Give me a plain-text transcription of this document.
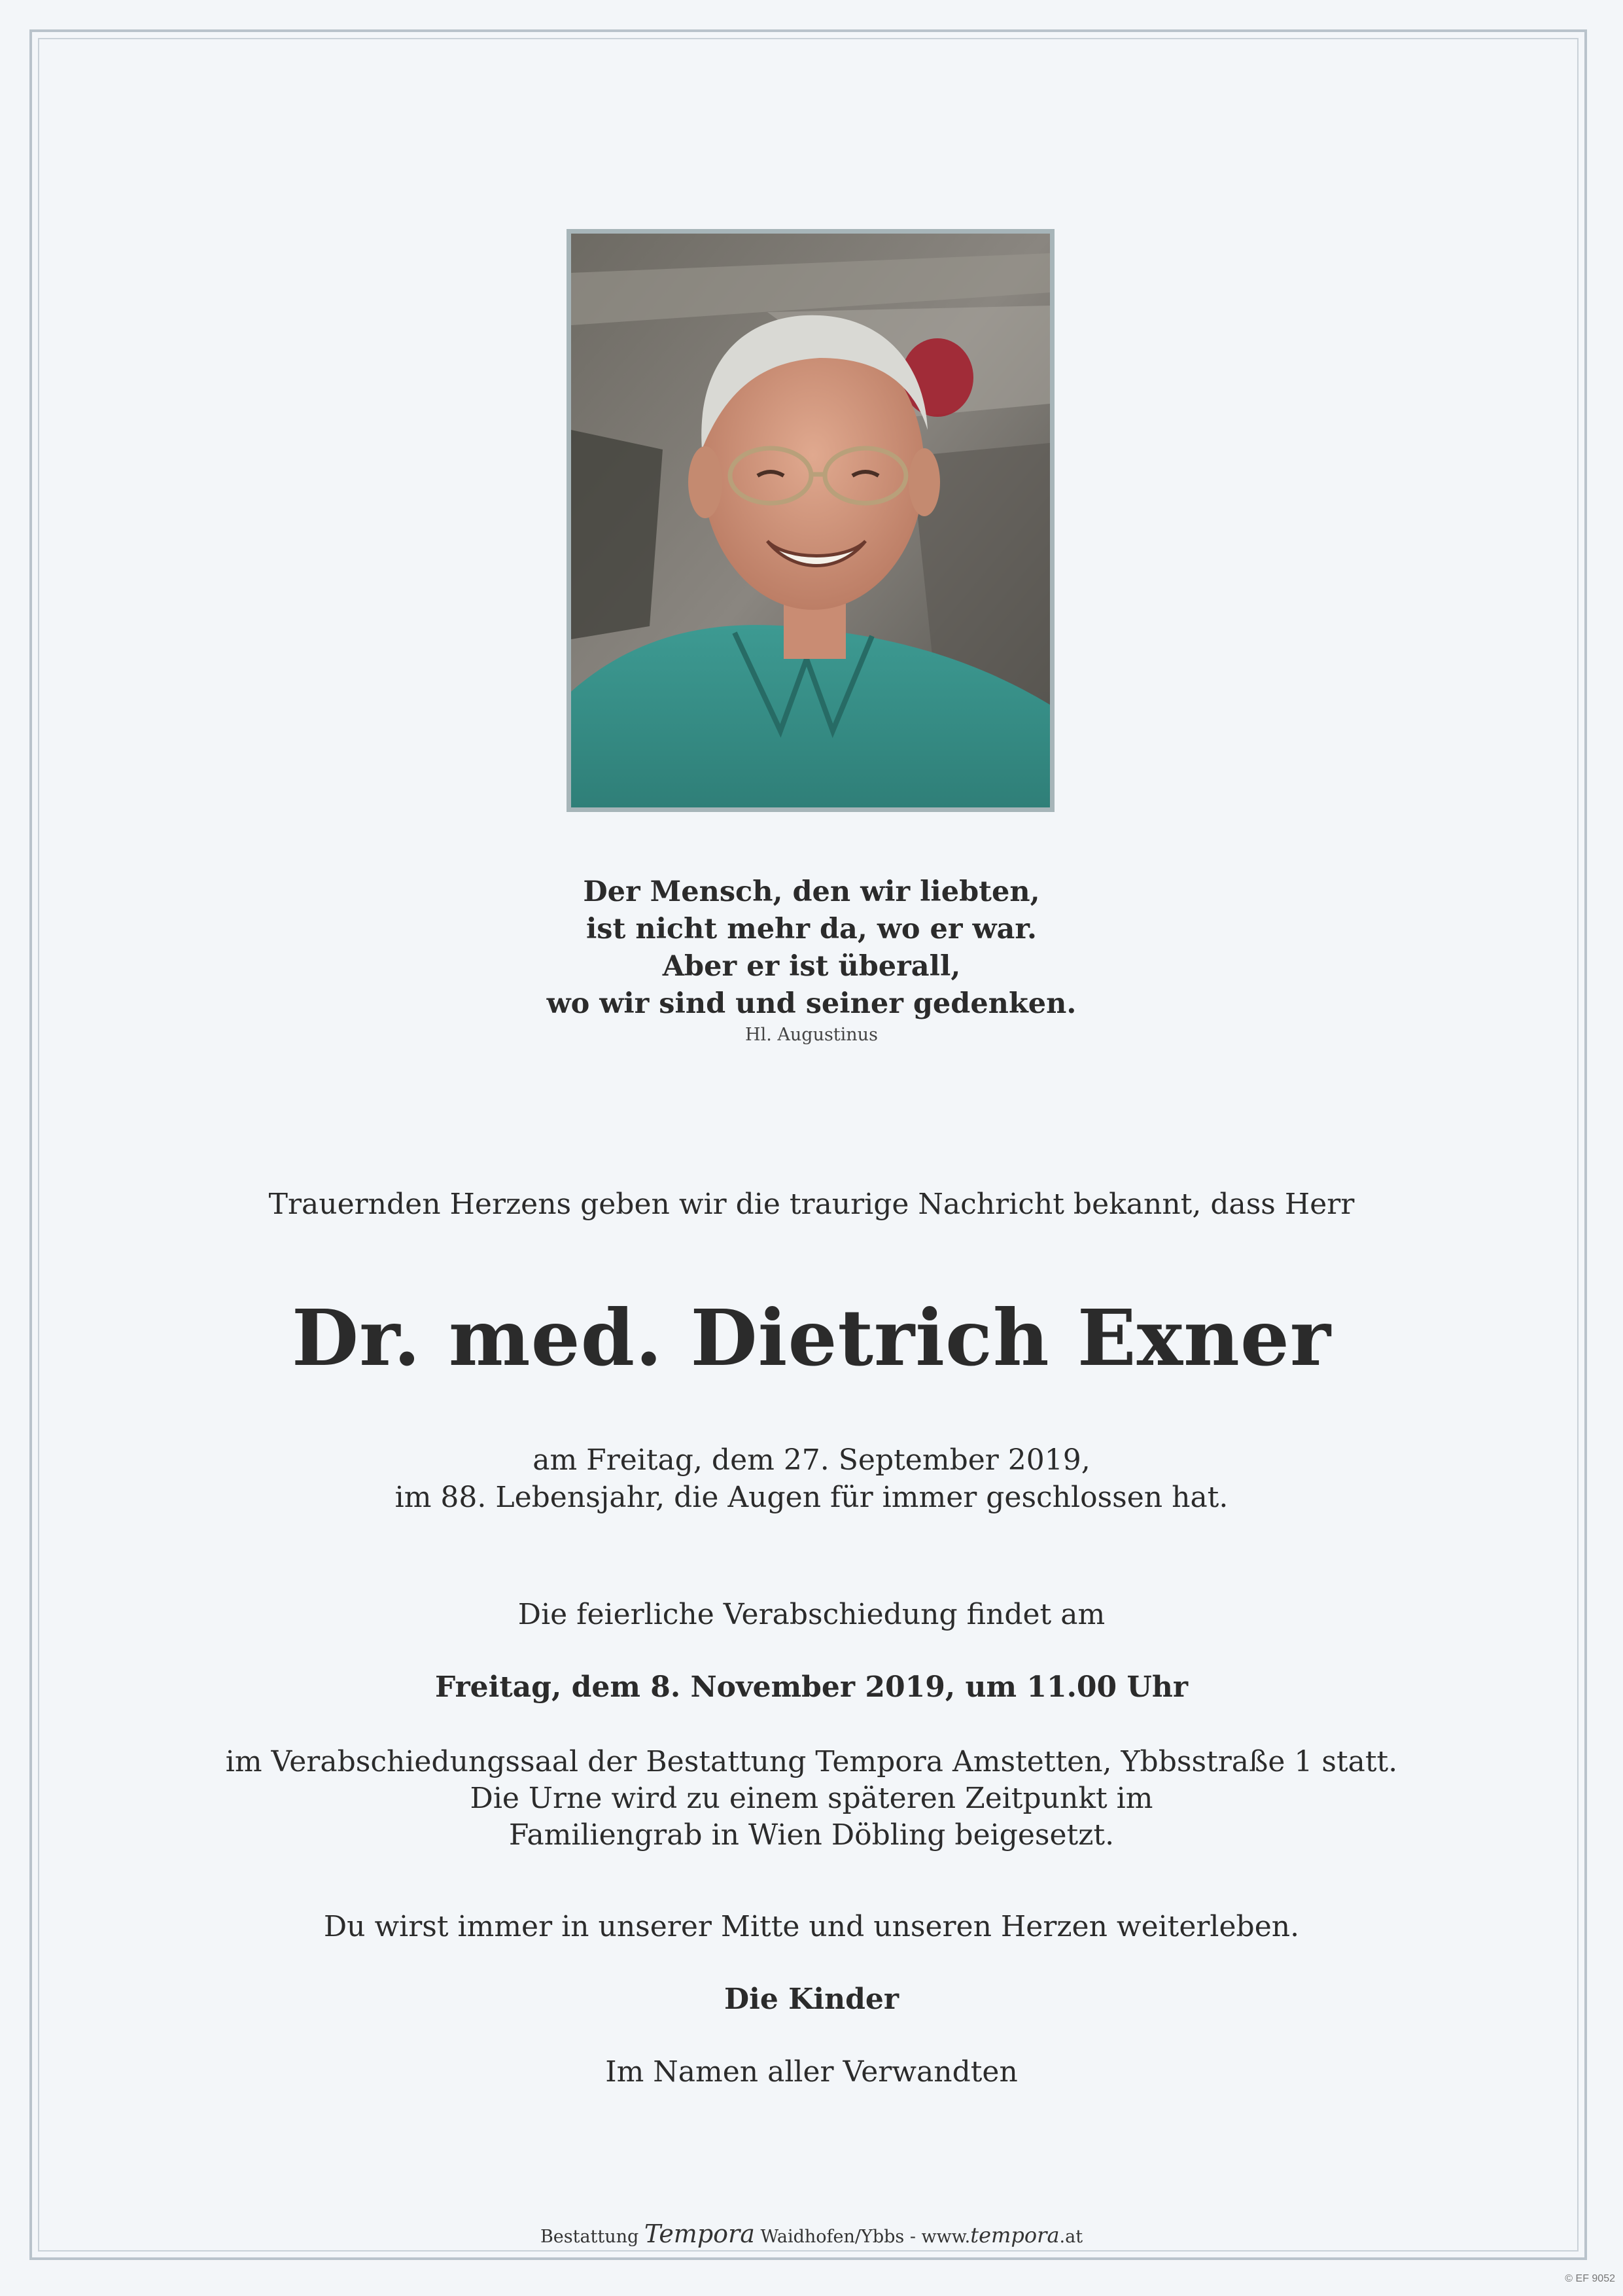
Der Mensch, den wir liebten,
ist nicht mehr da, wo er war.
Aber er ist überall,
wo wir sind und seiner gedenken.
Hl. Augustinus
Trauernden Herzens geben wir die traurige Nachricht bekannt, dass Herr
Dr. med. Dietrich Exner
am Freitag, dem 27. September 2019,
im 88. Lebensjahr, die Augen für immer geschlossen hat.
Die feierliche Verabschiedung findet am
Freitag, dem 8. November 2019, um 11.00 Uhr
im Verabschiedungssaal der Bestattung Tempora Amstetten, Ybbsstraße 1 statt.
Die Urne wird zu einem späteren Zeitpunkt im
Familiengrab in Wien Döbling beigesetzt.
Du wirst immer in unserer Mitte und unseren Herzen weiterleben.
Die Kinder
Im Namen aller Verwandten
Bestattung Tempora Waidhofen/Ybbs - www.tempora.at
© EF 9052
